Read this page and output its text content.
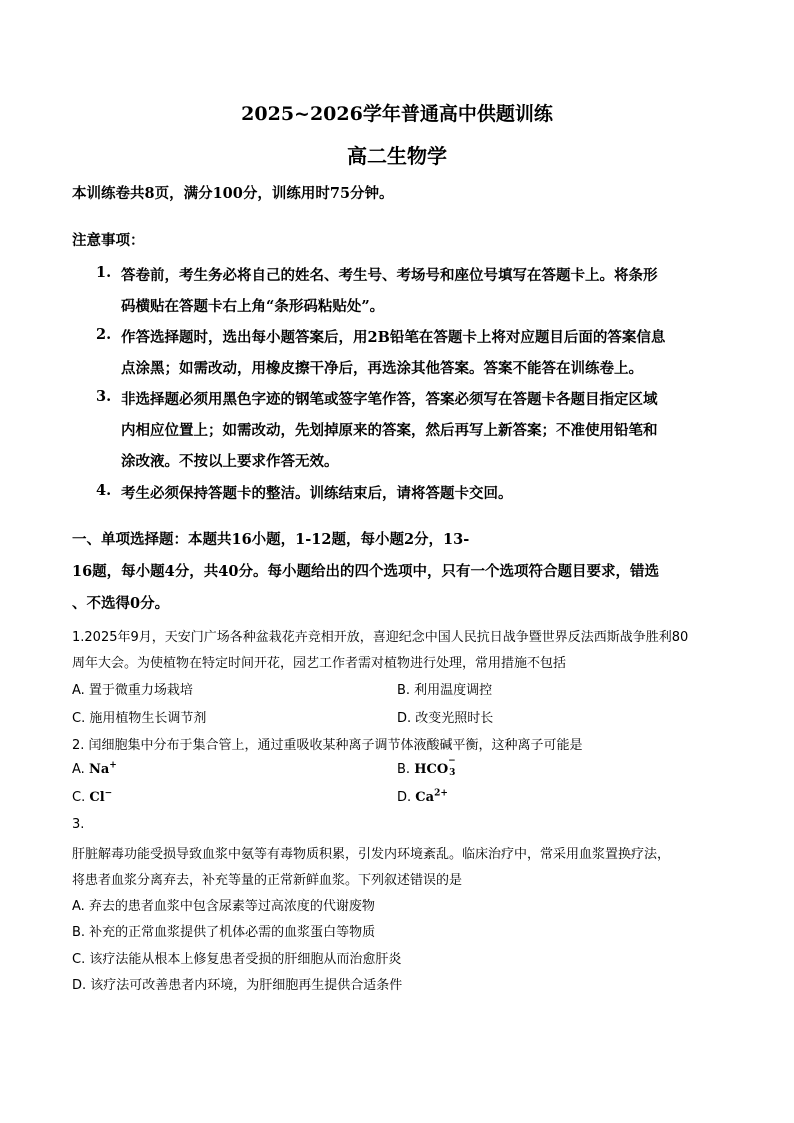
2025~2026学年普通高中供题训练
高二生物学
本训练卷共8页，满分100分，训练用时75分钟。
注意事项：
1. 答卷前，考生务必将自己的姓名、考生号、考场号和座位号填写在答题卡上。将条形
码横贴在答题卡右上角“条形码粘贴处”。
2. 作答选择题时，选出每小题答案后，用2B铅笔在答题卡上将对应题目后面的答案信息
点涂黑；如需改动，用橡皮擦干净后，再选涂其他答案。答案不能答在训练卷上。
3. 非选择题必须用黑色字迹的钢笔或签字笔作答，答案必须写在答题卡各题目指定区域
内相应位置上；如需改动，先划掉原来的答案，然后再写上新答案；不准使用铅笔和
涂改液。不按以上要求作答无效。
4. 考生必须保持答题卡的整洁。训练结束后，请将答题卡交回。
一、单项选择题：本题共16小题，1-12题，每小题2分，13-
16题，每小题4分，共40分。每小题给出的四个选项中，只有一个选项符合题目要求，错选
、不选得0分。
1.2025年9月，天安门广场各种盆栽花卉竞相开放，喜迎纪念中国人民抗日战争暨世界反法西斯战争胜利80
周年大会。为使植物在特定时间开花，园艺工作者需对植物进行处理，常用措施不包括
A. 置于微重力场栽培	B. 利用温度调控
C. 施用植物生长调节剂	D. 改变光照时长
2. 闰细胞集中分布于集合管上，通过重吸收某种离子调节体液酸碱平衡，这种离子可能是
A. Na+	B. HCO
−
3
C. Cl−	D. $Ca^{2+}$
3.
肝脏解毒功能受损导致血浆中氨等有毒物质积累，引发内环境紊乱。临床治疗中，常采用血浆置换疗法，
将患者血浆分离弃去，补充等量的正常新鲜血浆。下列叙述错误的是
A. 弃去的患者血浆中包含尿素等过高浓度的代谢废物
B. 补充的正常血浆提供了机体必需的血浆蛋白等物质
C. 该疗法能从根本上修复患者受损的肝细胞从而治愈肝炎
D. 该疗法可改善患者内环境，为肝细胞再生提供合适条件
